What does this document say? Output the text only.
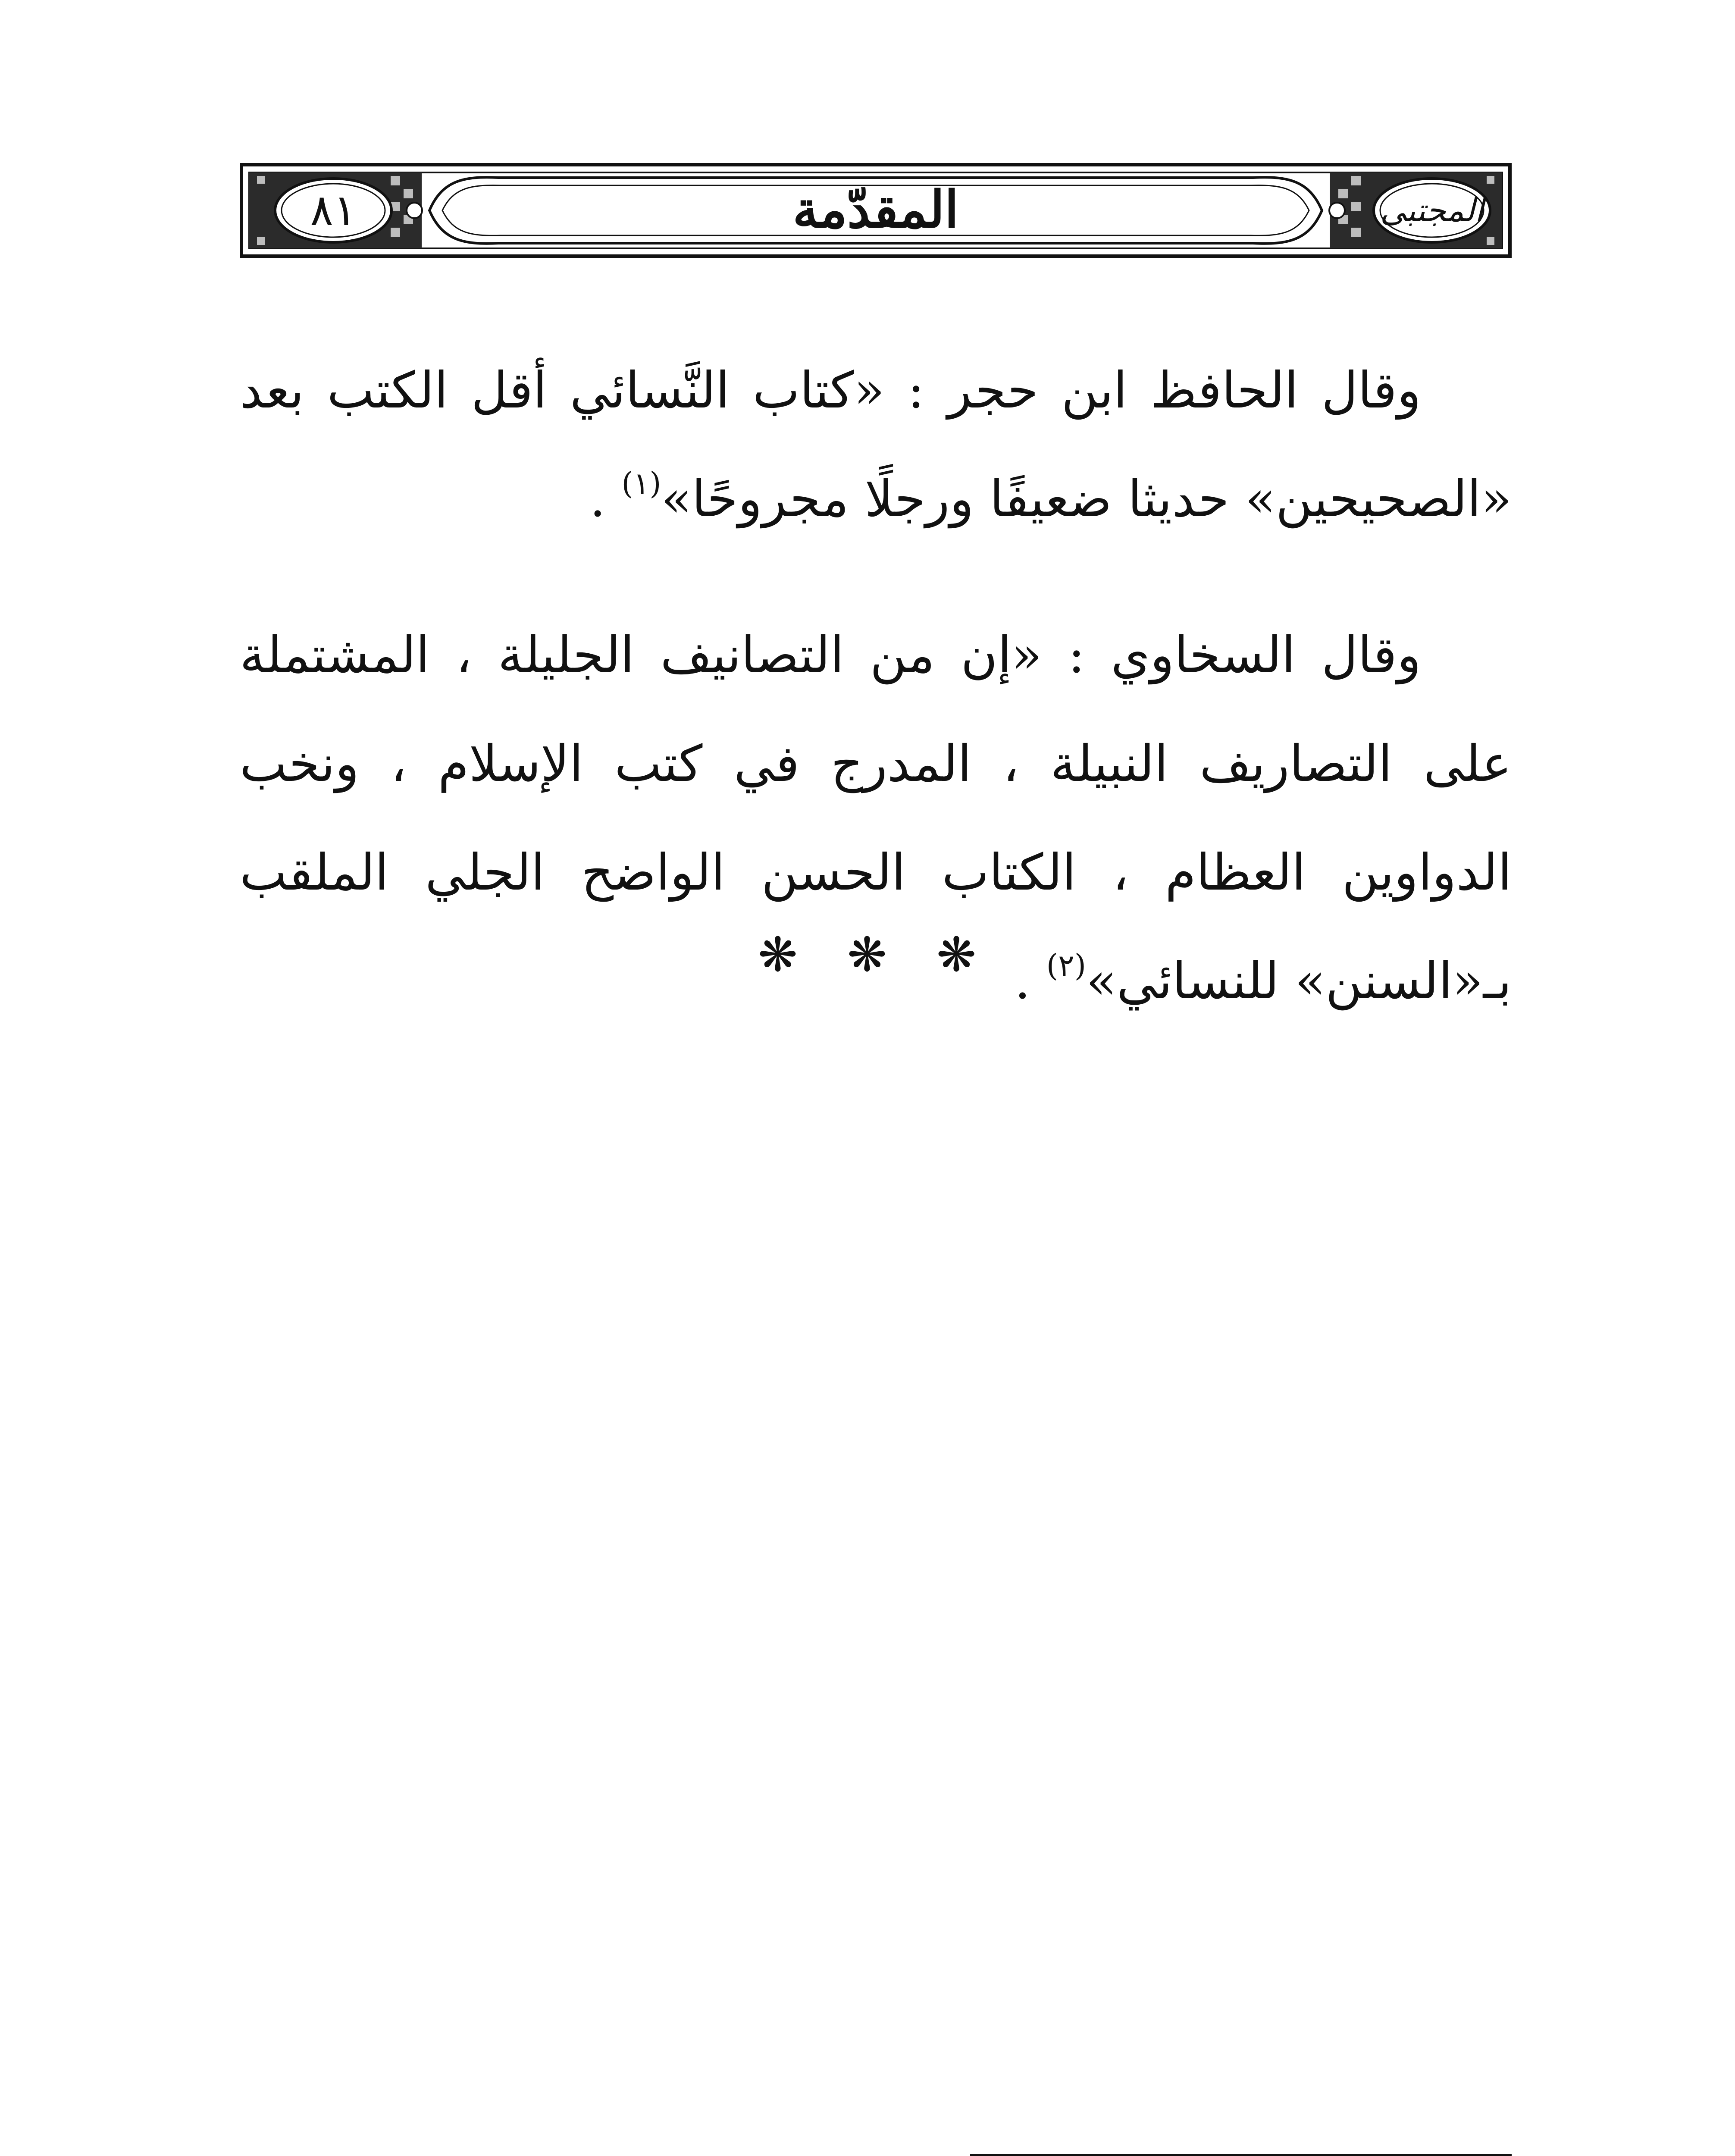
المقدّمة
٨١	المجتبى

وقال الحافظ ابن حجر : «كتاب النَّسائي أقل الكتب بعد «الصحيحين» حديثا ضعيفًا ورجلًا مجروحًا»$^{(١)}$ .

وقال السخاوي : «إن من التصانيف الجليلة ، المشتملة على التصاريف النبيلة ، المدرج في كتب الإسلام ، ونخب الدواوين العظام ، الكتاب الحسن الواضح الجلي الملقب بـ«السنن» للنسائي»$^{(٢)}$ .

❋ ❋ ❋
